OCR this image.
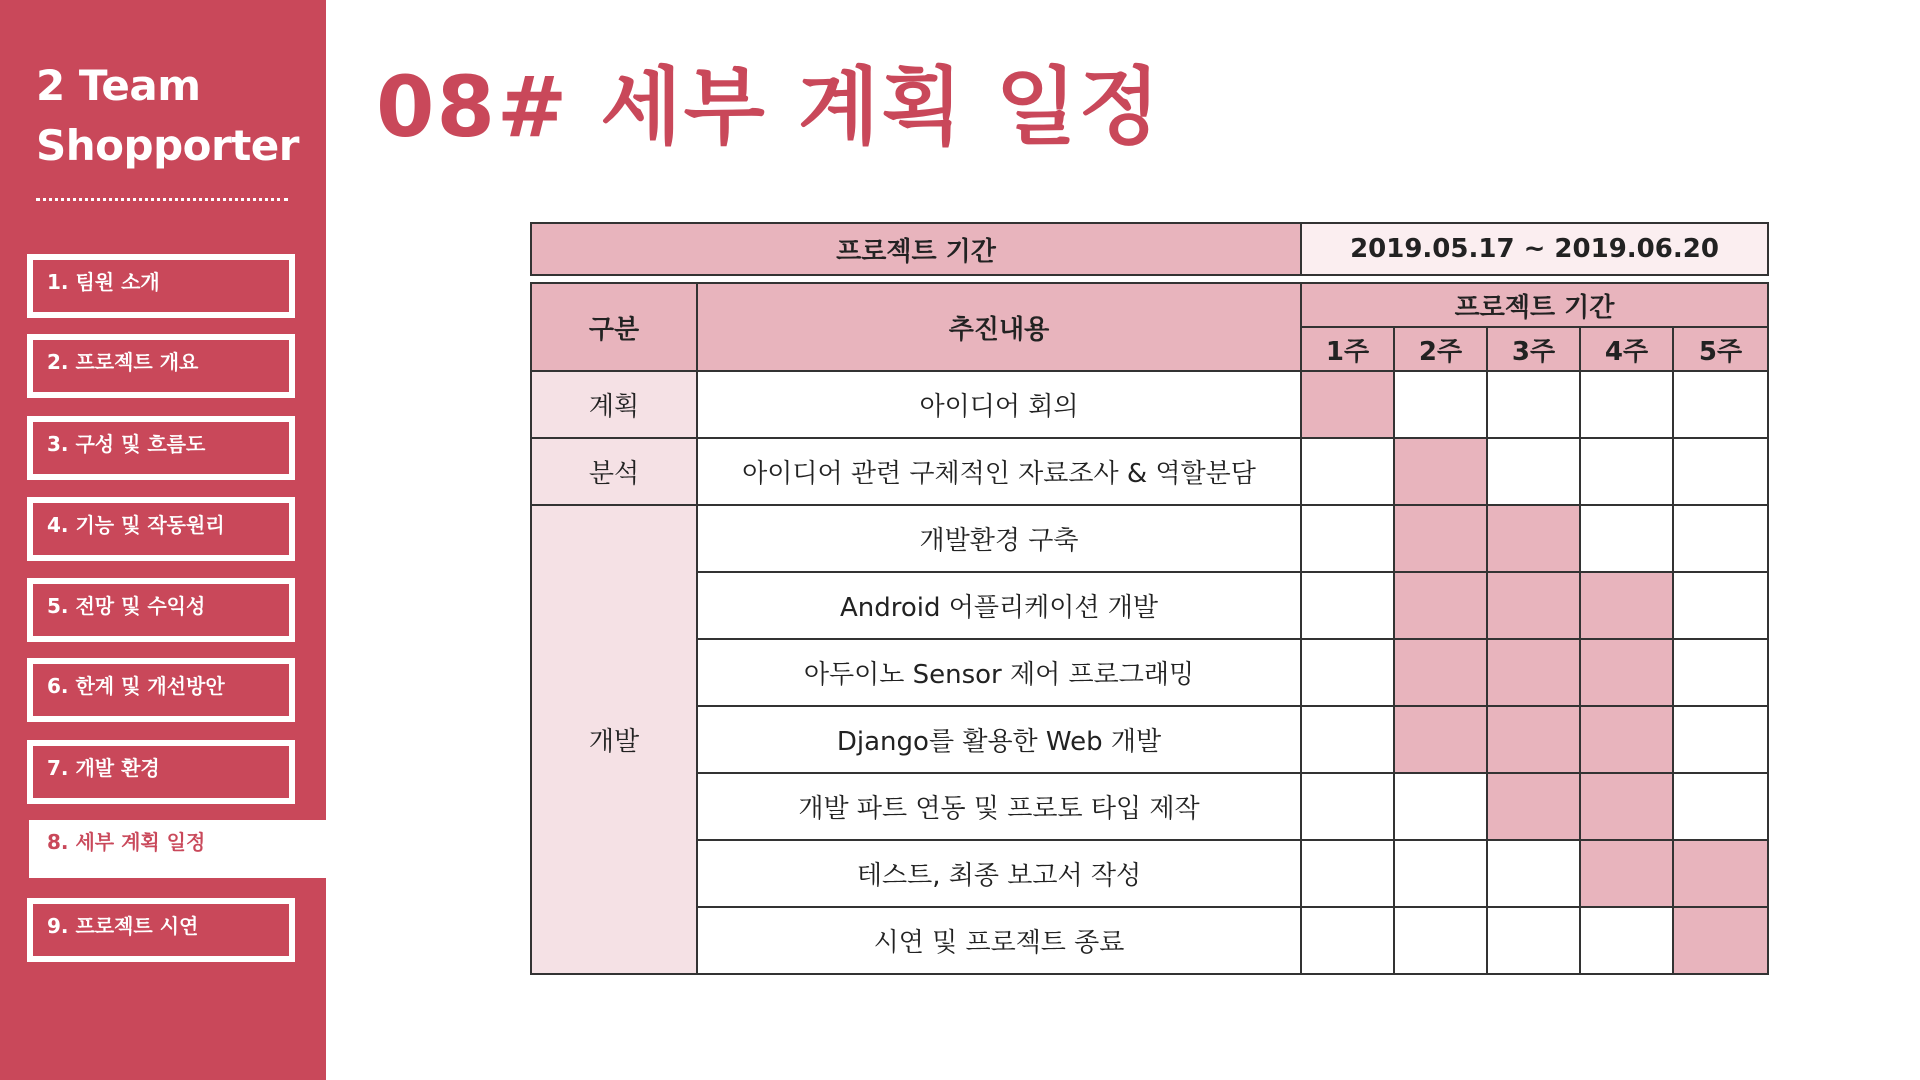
2 Team
Shopporter
1. 팀원 소개
2. 프로젝트 개요
3. 구성 및 흐름도
4. 기능 및 작동원리
5. 전망 및 수익성
6. 한계 및 개선방안
7. 개발 환경
8. 세부 계획 일정
9. 프로젝트 시연
08# 세부 계획 일정
프로젝트 기간		2019.05.17 ~ 2019.06.20				

구분	추진내용	프로젝트 기간				
		1주	2주	3주	4주	5주
계획	아이디어 회의					
분석	아이디어 관련 구체적인 자료조사 & 역할분담					
개발	개발환경 구축					
	Android 어플리케이션 개발					
	아두이노 Sensor 제어 프로그래밍					
	Django를 활용한 Web 개발					
	개발 파트 연동 및 프로토 타입 제작					
	테스트, 최종 보고서 작성					
	시연 및 프로젝트 종료					
